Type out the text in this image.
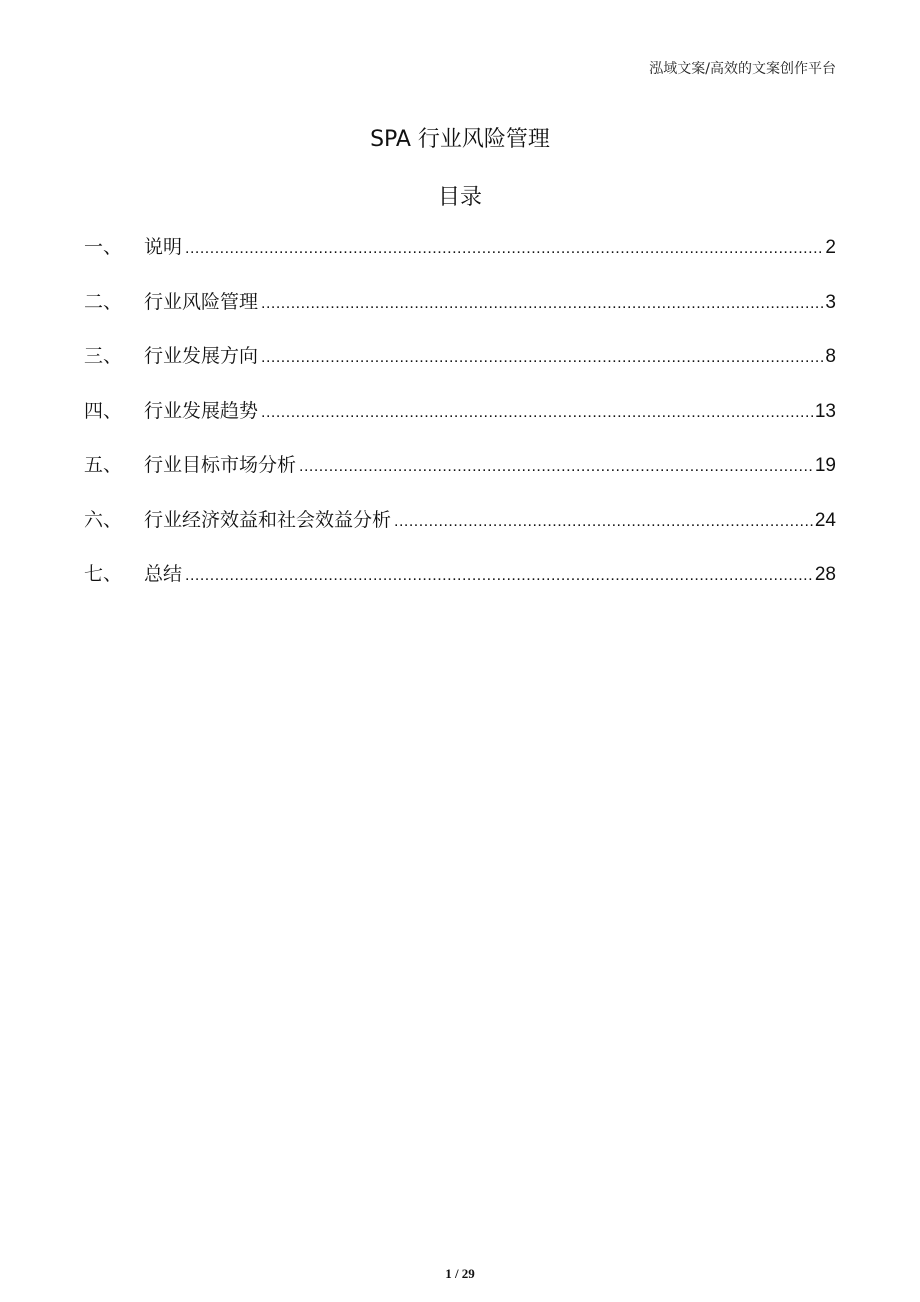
泓域文案/高效的文案创作平台
SPA 行业风险管理
目录
一、	说明 .....	2
二、	行业风险管理 .....	3
三、	行业发展方向 .....	8
四、	行业发展趋势 .....	13
五、	行业目标市场分析 .....	19
六、	行业经济效益和社会效益分析 .....	24
七、	总结 .....	28
1 / 29
